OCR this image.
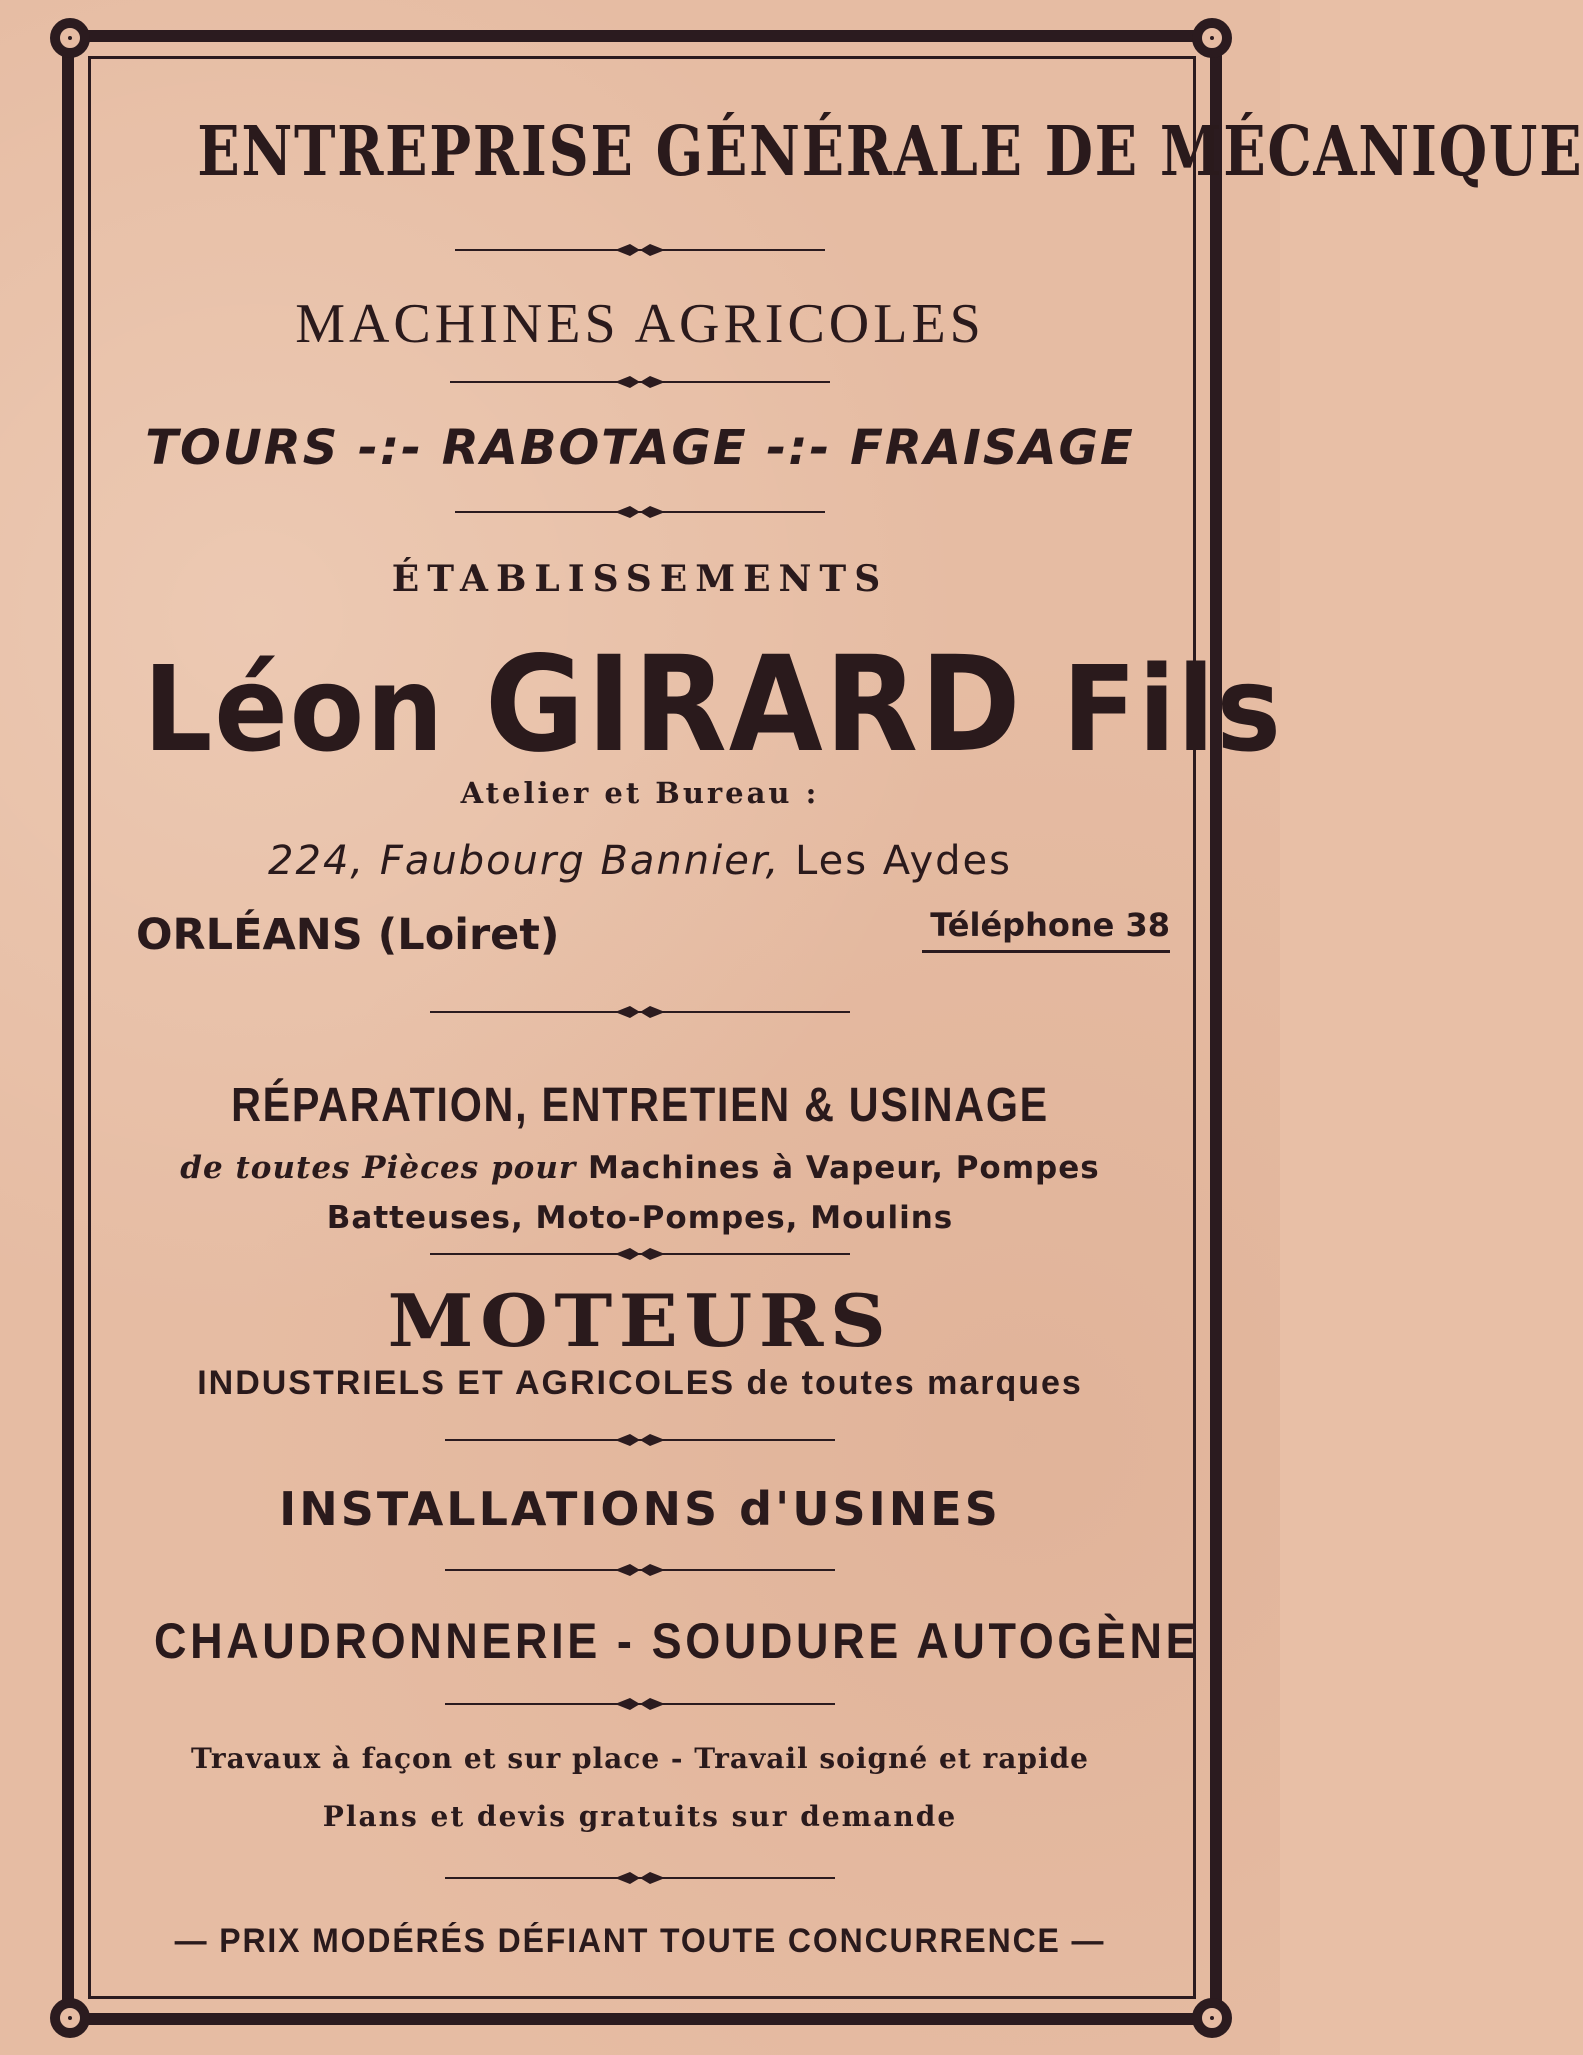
ENTREPRISE GÉNÉRALE DE MÉCANIQUE
MACHINES AGRICOLES
TOURS -:- RABOTAGE -:- FRAISAGE
ÉTABLISSEMENTS
Léon GIRARD Fils
Atelier et Bureau :
224, Faubourg Bannier, Les Aydes
ORLÉANS (Loiret)	Téléphone 38
RÉPARATION, ENTRETIEN & USINAGE
de toutes Pièces pour Machines à Vapeur, Pompes
Batteuses, Moto-Pompes, Moulins
MOTEURS
INDUSTRIELS ET AGRICOLES de toutes marques
INSTALLATIONS d'USINES
CHAUDRONNERIE - SOUDURE AUTOGÈNE
Travaux à façon et sur place - Travail soigné et rapide
Plans et devis gratuits sur demande
— PRIX MODÉRÉS DÉFIANT TOUTE CONCURRENCE —
